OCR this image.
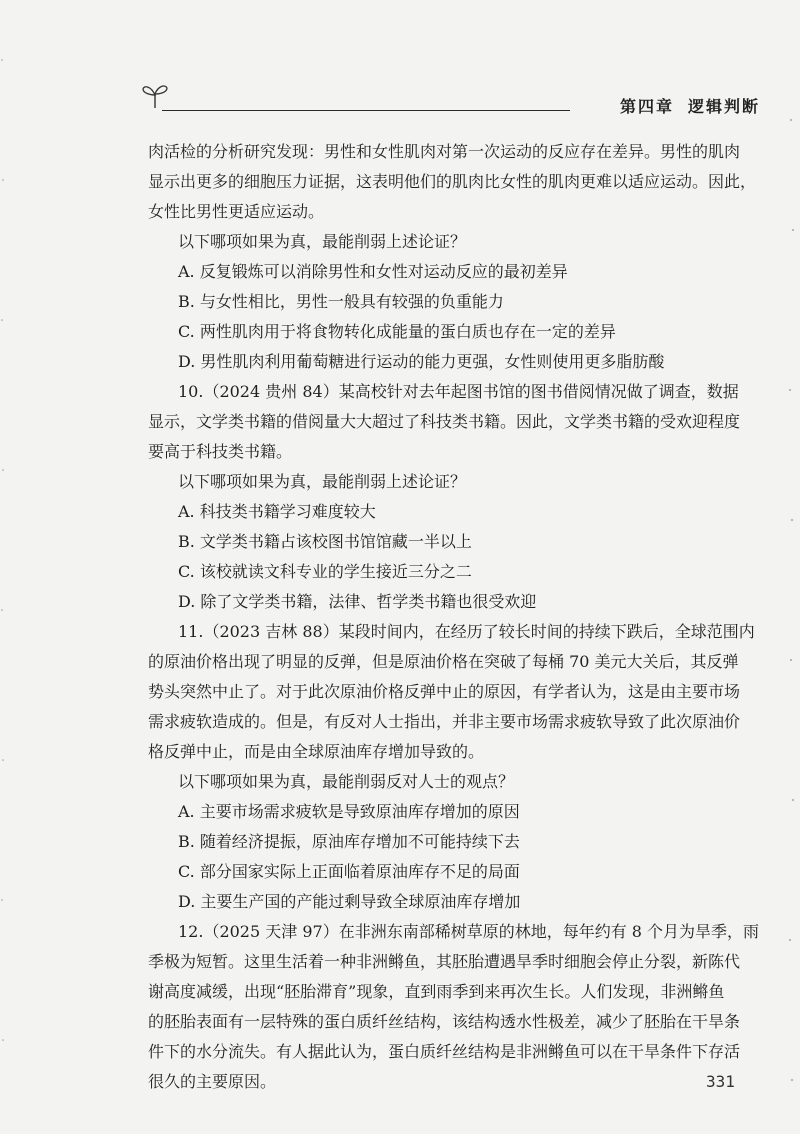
第四章 逻辑判断
肉活检的分析研究发现：男性和女性肌肉对第一次运动的反应存在差异。男性的肌肉
显示出更多的细胞压力证据，这表明他们的肌肉比女性的肌肉更难以适应运动。因此，
女性比男性更适应运动。
以下哪项如果为真，最能削弱上述论证？
A. 反复锻炼可以消除男性和女性对运动反应的最初差异
B. 与女性相比，男性一般具有较强的负重能力
C. 两性肌肉用于将食物转化成能量的蛋白质也存在一定的差异
D. 男性肌肉利用葡萄糖进行运动的能力更强，女性则使用更多脂肪酸
10.（2024 贵州 84）某高校针对去年起图书馆的图书借阅情况做了调查，数据
显示，文学类书籍的借阅量大大超过了科技类书籍。因此，文学类书籍的受欢迎程度
要高于科技类书籍。
以下哪项如果为真，最能削弱上述论证？
A. 科技类书籍学习难度较大
B. 文学类书籍占该校图书馆馆藏一半以上
C. 该校就读文科专业的学生接近三分之二
D. 除了文学类书籍，法律、哲学类书籍也很受欢迎
11.（2023 吉林 88）某段时间内，在经历了较长时间的持续下跌后，全球范围内
的原油价格出现了明显的反弹，但是原油价格在突破了每桶 70 美元大关后，其反弹
势头突然中止了。对于此次原油价格反弹中止的原因，有学者认为，这是由主要市场
需求疲软造成的。但是，有反对人士指出，并非主要市场需求疲软导致了此次原油价
格反弹中止，而是由全球原油库存增加导致的。
以下哪项如果为真，最能削弱反对人士的观点？
A. 主要市场需求疲软是导致原油库存增加的原因
B. 随着经济提振，原油库存增加不可能持续下去
C. 部分国家实际上正面临着原油库存不足的局面
D. 主要生产国的产能过剩导致全球原油库存增加
12.（2025 天津 97）在非洲东南部稀树草原的林地，每年约有 8 个月为旱季，雨
季极为短暂。这里生活着一种非洲鳉鱼，其胚胎遭遇旱季时细胞会停止分裂，新陈代
谢高度减缓，出现“胚胎滞育”现象，直到雨季到来再次生长。人们发现，非洲鳉鱼
的胚胎表面有一层特殊的蛋白质纤丝结构，该结构透水性极差，减少了胚胎在干旱条
件下的水分流失。有人据此认为，蛋白质纤丝结构是非洲鳉鱼可以在干旱条件下存活
很久的主要原因。	331
